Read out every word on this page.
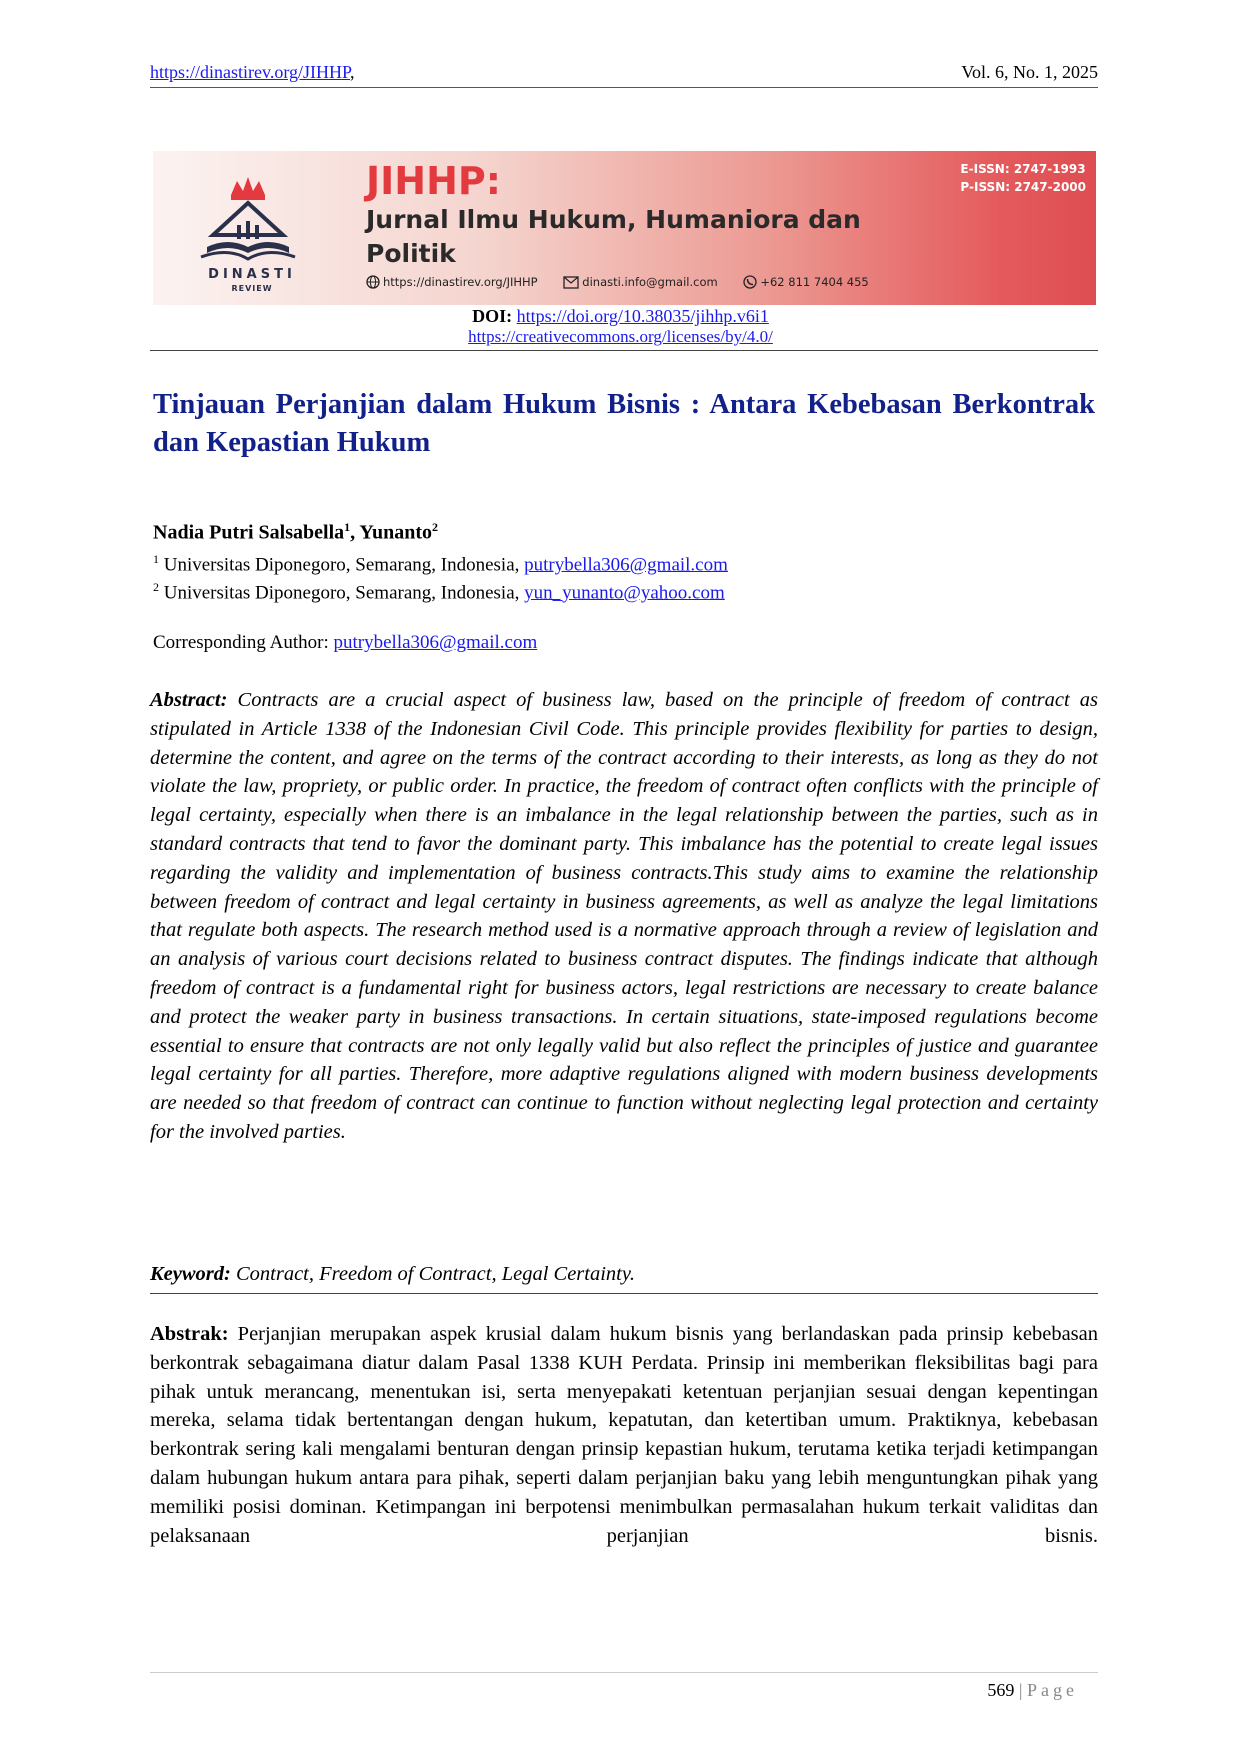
https://dinastirev.org/JIHHP,	Vol. 6, No. 1, 2025
DINASTI
REVIEW
JIHHP:
Jurnal Ilmu Hukum, Humaniora dan
Politik
E-ISSN: 2747-1993
P-ISSN: 2747-2000
https://dinastirev.org/JIHHP	dinasti.info@gmail.com	+62 811 7404 455
DOI: https://doi.org/10.38035/jihhp.v6i1
https://creativecommons.org/licenses/by/4.0/
Tinjauan Perjanjian dalam Hukum Bisnis : Antara Kebebasan Berkontrak dan Kepastian Hukum
Nadia Putri Salsabella$^1$, Yunanto$^2$
$^1$ Universitas Diponegoro, Semarang, Indonesia, putrybella306@gmail.com
$^2$ Universitas Diponegoro, Semarang, Indonesia, yun_yunanto@yahoo.com
Corresponding Author: putrybella306@gmail.com
Abstract: Contracts are a crucial aspect of business law, based on the principle of freedom of contract as stipulated in Article 1338 of the Indonesian Civil Code. This principle provides flexibility for parties to design, determine the content, and agree on the terms of the contract according to their interests, as long as they do not violate the law, propriety, or public order. In practice, the freedom of contract often conflicts with the principle of legal certainty, especially when there is an imbalance in the legal relationship between the parties, such as in standard contracts that tend to favor the dominant party. This imbalance has the potential to create legal issues regarding the validity and implementation of business contracts.This study aims to examine the relationship between freedom of contract and legal certainty in business agreements, as well as analyze the legal limitations that regulate both aspects. The research method used is a normative approach through a review of legislation and an analysis of various court decisions related to business contract disputes. The findings indicate that although freedom of contract is a fundamental right for business actors, legal restrictions are necessary to create balance and protect the weaker party in business transactions. In certain situations, state-imposed regulations become essential to ensure that contracts are not only legally valid but also reflect the principles of justice and guarantee legal certainty for all parties. Therefore, more adaptive regulations aligned with modern business developments are needed so that freedom of contract can continue to function without neglecting legal protection and certainty for the involved parties.
Keyword: Contract, Freedom of Contract, Legal Certainty.
Abstrak: Perjanjian merupakan aspek krusial dalam hukum bisnis yang berlandaskan pada prinsip kebebasan berkontrak sebagaimana diatur dalam Pasal 1338 KUH Perdata. Prinsip ini memberikan fleksibilitas bagi para pihak untuk merancang, menentukan isi, serta menyepakati ketentuan perjanjian sesuai dengan kepentingan mereka, selama tidak bertentangan dengan hukum, kepatutan, dan ketertiban umum. Praktiknya, kebebasan berkontrak sering kali mengalami benturan dengan prinsip kepastian hukum, terutama ketika terjadi ketimpangan dalam hubungan hukum antara para pihak, seperti dalam perjanjian baku yang lebih menguntungkan pihak yang memiliki posisi dominan. Ketimpangan ini berpotensi menimbulkan permasalahan hukum terkait validitas dan pelaksanaan perjanjian bisnis.
569 | Page
